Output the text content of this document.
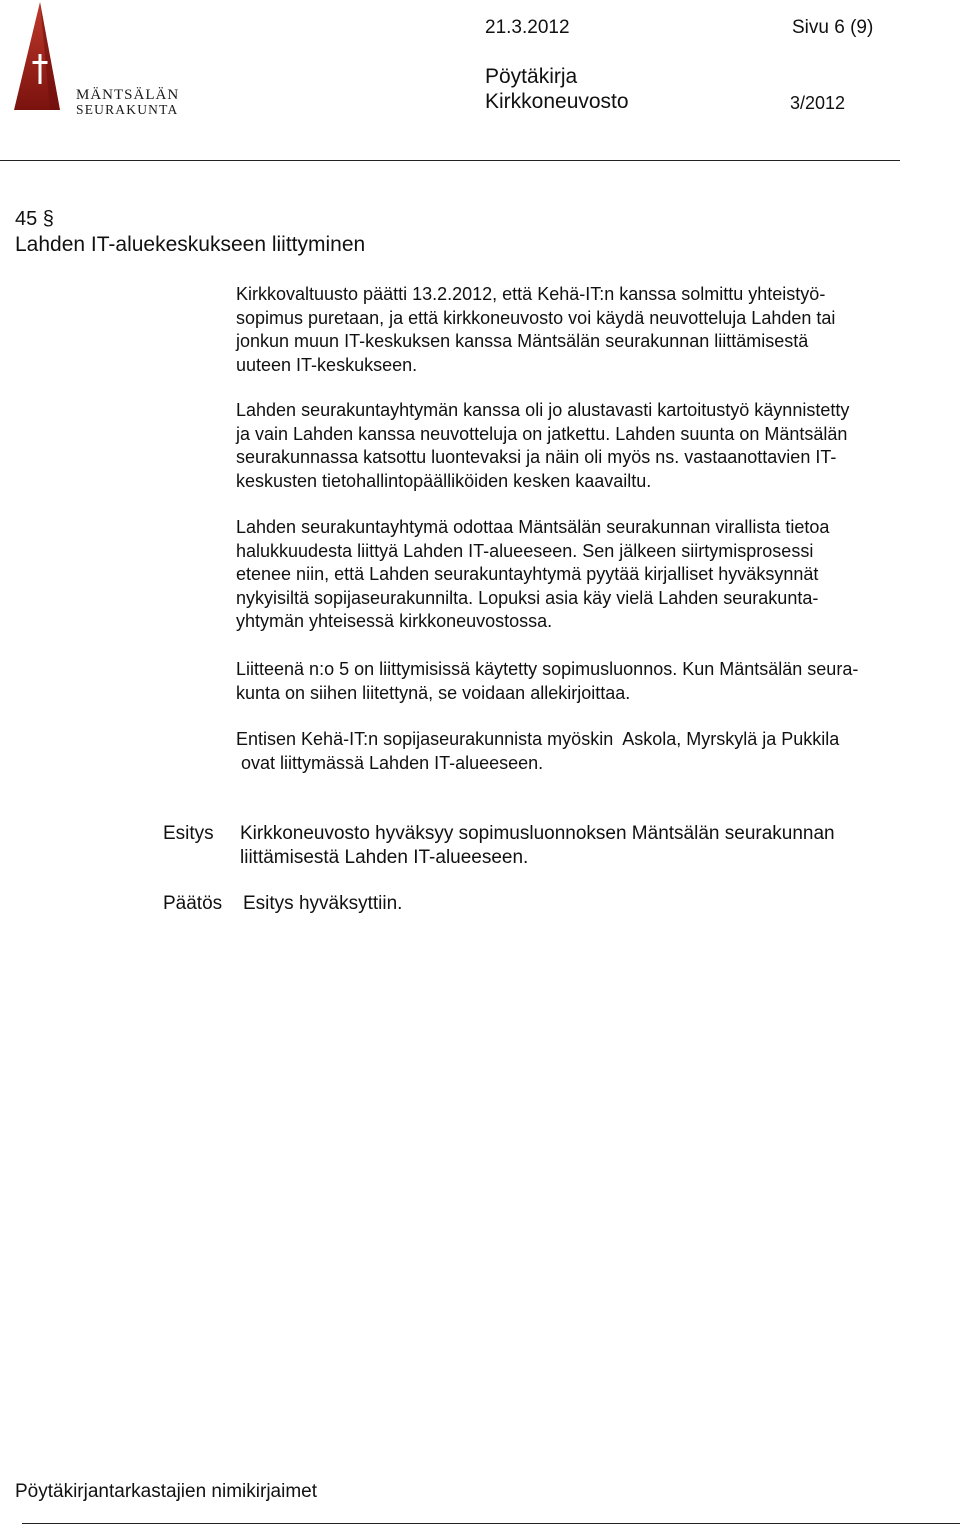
MÄNTSÄLÄN
SEURAKUNTA
21.3.2012	Sivu 6 (9)
Pöytäkirja
Kirkkoneuvosto	3/2012
45 §
Lahden IT-aluekeskukseen liittyminen
Kirkkovaltuusto päätti 13.2.2012, että Kehä-IT:n kanssa solmittu yhteistyö-
sopimus puretaan, ja että kirkkoneuvosto voi käydä neuvotteluja Lahden tai
jonkun muun IT-keskuksen kanssa Mäntsälän seurakunnan liittämisestä
uuteen IT-keskukseen.
Lahden seurakuntayhtymän kanssa oli jo alustavasti kartoitustyö käynnistetty
ja vain Lahden kanssa neuvotteluja on jatkettu. Lahden suunta on Mäntsälän
seurakunnassa katsottu luontevaksi ja näin oli myös ns. vastaanottavien IT-
keskusten tietohallintopäälliköiden kesken kaavailtu.
Lahden seurakuntayhtymä odottaa Mäntsälän seurakunnan virallista tietoa
halukkuudesta liittyä Lahden IT-alueeseen. Sen jälkeen siirtymisprosessi
etenee niin, että Lahden seurakuntayhtymä pyytää kirjalliset hyväksynnät
nykyisiltä sopijaseurakunnilta. Lopuksi asia käy vielä Lahden seurakunta-
yhtymän yhteisessä kirkkoneuvostossa.
Liitteenä n:o 5 on liittymisissä käytetty sopimusluonnos. Kun Mäntsälän seura-
kunta on siihen liitettynä, se voidaan allekirjoittaa.
Entisen Kehä-IT:n sopijaseurakunnista myöskin  Askola, Myrskylä ja Pukkila
ovat liittymässä Lahden IT-alueeseen.
Esitys Kirkkoneuvosto hyväksyy sopimusluonnoksen Mäntsälän seurakunnan
liittämisestä Lahden IT-alueeseen.
Päätös Esitys hyväksyttiin.
Pöytäkirjantarkastajien nimikirjaimet
